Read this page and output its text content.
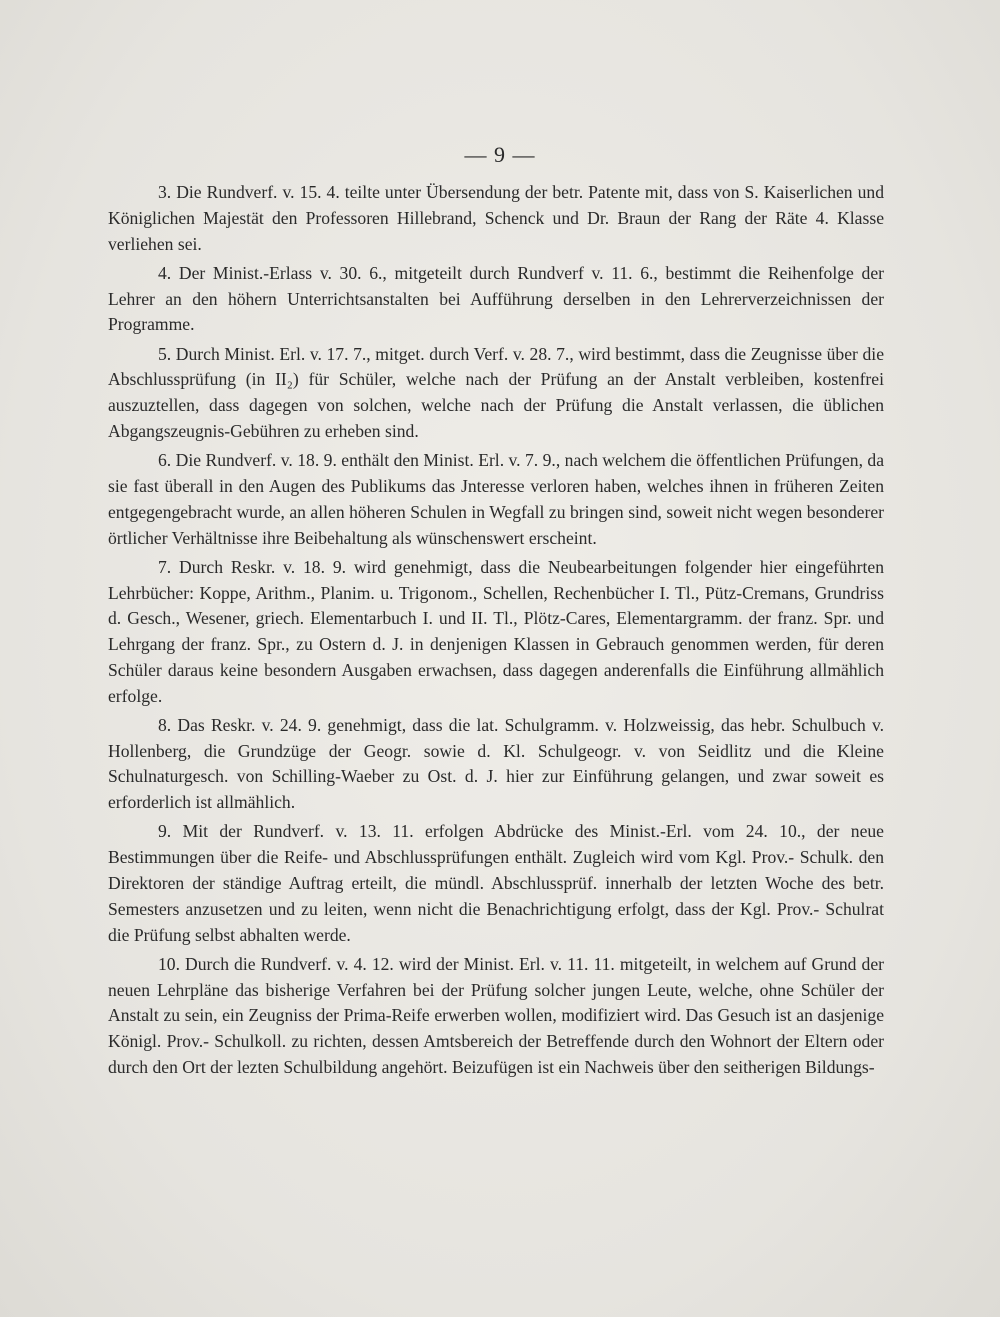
— 9 —

3. Die Rundverf. v. 15. 4. teilte unter Übersendung der betr. Patente mit, dass von S. Kaiserlichen und Königlichen Majestät den Professoren Hillebrand, Schenck und Dr. Braun der Rang der Räte 4. Klasse verliehen sei.

4. Der Minist.-Erlass v. 30. 6., mitgeteilt durch Rundverf v. 11. 6., bestimmt die Reihenfolge der Lehrer an den höhern Unterrichtsanstalten bei Aufführung derselben in den Lehrerverzeichnissen der Programme.

5. Durch Minist. Erl. v. 17. 7., mitget. durch Verf. v. 28. 7., wird bestimmt, dass die Zeugnisse über die Abschlussprüfung (in II₂) für Schüler, welche nach der Prüfung an der Anstalt verbleiben, kostenfrei auszuztellen, dass dagegen von solchen, welche nach der Prüfung die Anstalt verlassen, die üblichen Abgangszeugnis-Gebühren zu erheben sind.

6. Die Rundverf. v. 18. 9. enthält den Minist. Erl. v. 7. 9., nach welchem die öffentlichen Prüfungen, da sie fast überall in den Augen des Publikums das Jnteresse verloren haben, welches ihnen in früheren Zeiten entgegengebracht wurde, an allen höheren Schulen in Wegfall zu bringen sind, soweit nicht wegen besonderer örtlicher Verhältnisse ihre Beibehaltung als wünschenswert erscheint.

7. Durch Reskr. v. 18. 9. wird genehmigt, dass die Neubearbeitungen folgender hier eingeführten Lehrbücher: Koppe, Arithm., Planim. u. Trigonom., Schellen, Rechenbücher I. Tl., Pütz-Cremans, Grundriss d. Gesch., Wesener, griech. Elementarbuch I. und II. Tl., Plötz-Cares, Elementargramm. der franz. Spr. und Lehrgang der franz. Spr., zu Ostern d. J. in denjenigen Klassen in Gebrauch genommen werden, für deren Schüler daraus keine besondern Ausgaben erwachsen, dass dagegen anderenfalls die Einführung allmählich erfolge.

8. Das Reskr. v. 24. 9. genehmigt, dass die lat. Schulgramm. v. Holzweissig, das hebr. Schulbuch v. Hollenberg, die Grundzüge der Geogr. sowie d. Kl. Schulgeogr. v. von Seidlitz und die Kleine Schulnaturgesch. von Schilling-Waeber zu Ost. d. J. hier zur Einführung gelangen, und zwar soweit es erforderlich ist allmählich.

9. Mit der Rundverf. v. 13. 11. erfolgen Abdrücke des Minist.-Erl. vom 24. 10., der neue Bestimmungen über die Reife- und Abschlussprüfungen enthält. Zugleich wird vom Kgl. Prov.- Schulk. den Direktoren der ständige Auftrag erteilt, die mündl. Abschlussprüf. innerhalb der letzten Woche des betr. Semesters anzusetzen und zu leiten, wenn nicht die Benachrichtigung erfolgt, dass der Kgl. Prov.- Schulrat die Prüfung selbst abhalten werde.

10. Durch die Rundverf. v. 4. 12. wird der Minist. Erl. v. 11. 11. mitgeteilt, in welchem auf Grund der neuen Lehrpläne das bisherige Verfahren bei der Prüfung solcher jungen Leute, welche, ohne Schüler der Anstalt zu sein, ein Zeugniss der Prima-Reife erwerben wollen, modifiziert wird. Das Gesuch ist an dasjenige Königl. Prov.- Schulkoll. zu richten, dessen Amtsbereich der Betreffende durch den Wohnort der Eltern oder durch den Ort der lezten Schulbildung angehört. Beizufügen ist ein Nachweis über den seitherigen Bildungs-
